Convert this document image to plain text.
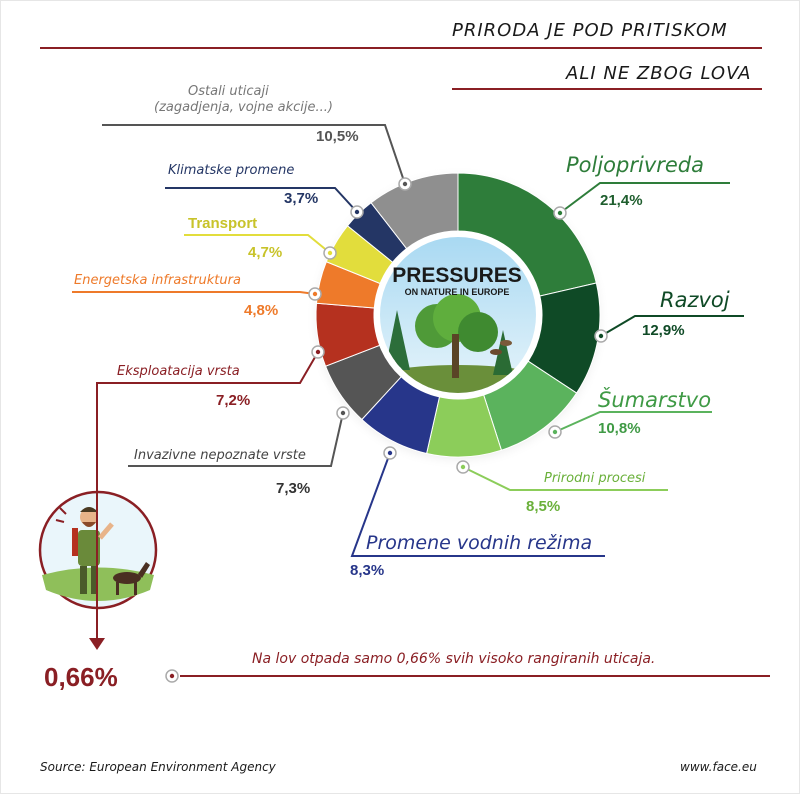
PRIRODA JE POD PRITISKOM
ALI NE ZBOG LOVA
PRESSURES
ON NATURE IN EUROPE
Poljoprivreda
21,4%
Razvoj
12,9%
Šumarstvo
10,8%
Prirodni procesi
8,5%
Promene vodnih režima
8,3%
Invazivne nepoznate vrste
7,3%
Eksploatacija vrsta
7,2%
Energetska infrastruktura
4,8%
Transport
4,7%
Klimatske promene
3,7%
Ostali uticaji
(zagadjenja, vojne akcije...)
10,5%
0,66%
Na lov otpada samo 0,66% svih visoko rangiranih uticaja.
Source: European Environment Agency	www.face.eu
